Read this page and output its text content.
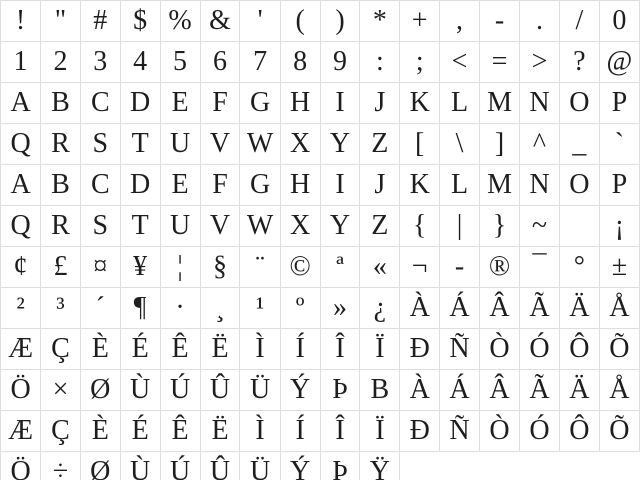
!	"	#	$	%	&	'	(	)	*	+	,	-	.	/	0
1	2	3	4	5	6	7	8	9	:	;	<	=	>	?	@
A	B	C	D	E	F	G	H	I	J	K	L	M	N	O	P
Q	R	S	T	U	V	W	X	Y	Z	[	\	]	^	_	`
A	B	C	D	E	F	G	H	I	J	K	L	M	N	O	P
Q	R	S	T	U	V	W	X	Y	Z	{	|	}	~		¡
¢	£	¤	¥	¦	§	¨	©	ª	«	¬	-	®	¯	°	±
²	³	´	¶	·	¸	¹	º	»	¿	À	Á	Â	Ã	Ä	Å
Æ	Ç	È	É	Ê	Ë	Ì	Í	Î	Ï	Ð	Ñ	Ò	Ó	Ô	Õ
Ö	×	Ø	Ù	Ú	Û	Ü	Ý	Þ	B	À	Á	Â	Ã	Ä	Å
Æ	Ç	È	É	Ê	Ë	Ì	Í	Î	Ï	Ð	Ñ	Ò	Ó	Ô	Õ
Ö	÷	Ø	Ù	Ú	Û	Ü	Ý	Þ	Ÿ						
